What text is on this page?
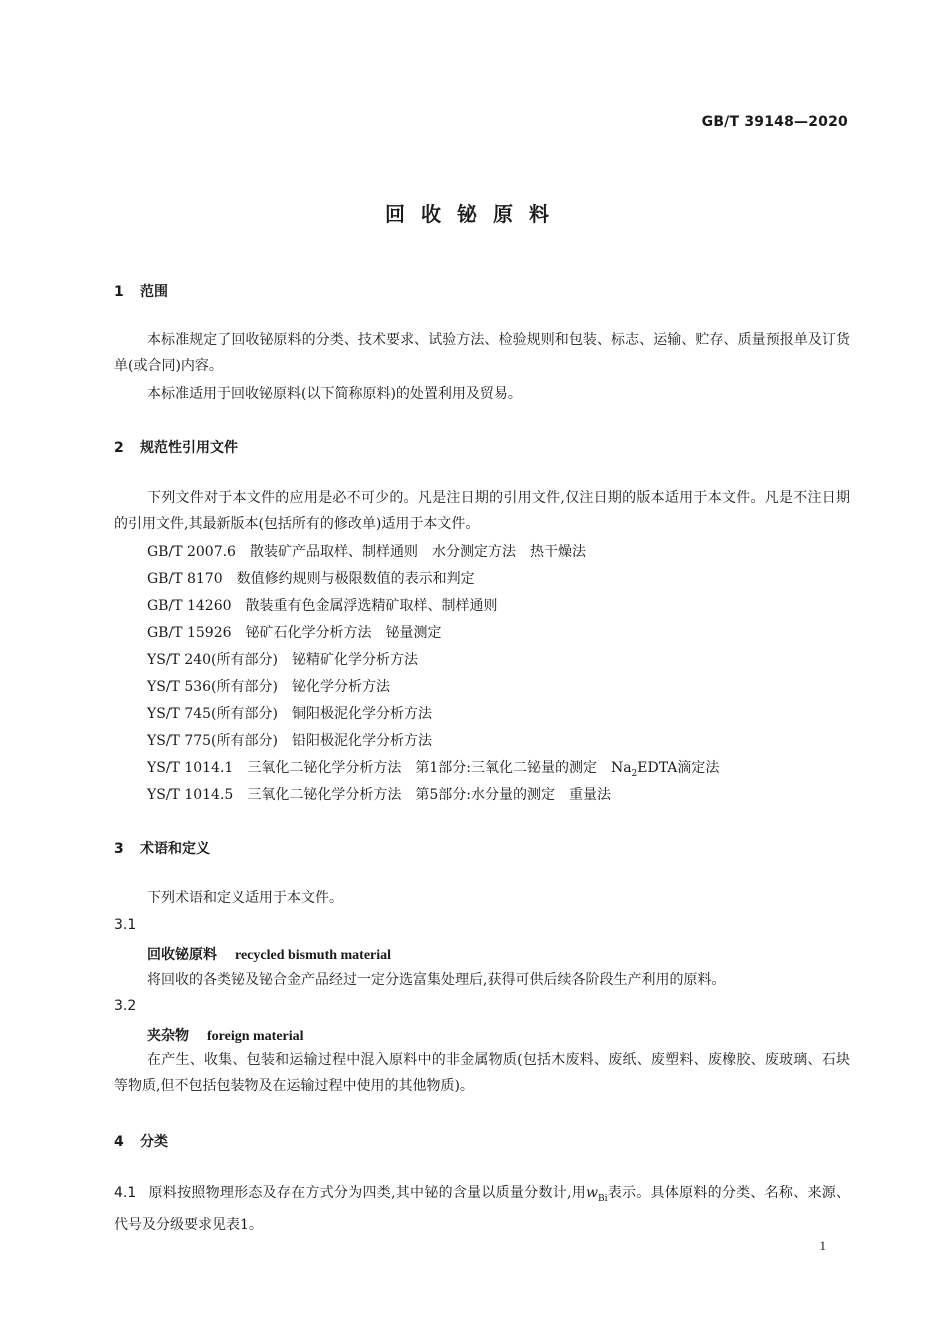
GB/T 39148—2020
回收铋原料
1 范围
本标准规定了回收铋原料的分类、技术要求、试验方法、检验规则和包装、标志、运输、贮存、质量预报单及订货单(或合同)内容。
本标准适用于回收铋原料(以下简称原料)的处置利用及贸易。
2 规范性引用文件
下列文件对于本文件的应用是必不可少的。凡是注日期的引用文件,仅注日期的版本适用于本文件。凡是不注日期的引用文件,其最新版本(包括所有的修改单)适用于本文件。
GB/T 2007.6　散装矿产品取样、制样通则　水分测定方法　热干燥法
GB/T 8170　数值修约规则与极限数值的表示和判定
GB/T 14260　散装重有色金属浮选精矿取样、制样通则
GB/T 15926　铋矿石化学分析方法　铋量测定
YS/T 240(所有部分)　铋精矿化学分析方法
YS/T 536(所有部分)　铋化学分析方法
YS/T 745(所有部分)　铜阳极泥化学分析方法
YS/T 775(所有部分)　铅阳极泥化学分析方法
YS/T 1014.1　三氧化二铋化学分析方法　第1部分:三氧化二铋量的测定　$Na_2EDTA$滴定法
YS/T 1014.5　三氧化二铋化学分析方法　第5部分:水分量的测定　重量法
3 术语和定义
下列术语和定义适用于本文件。
3.1
回收铋原料 recycled bismuth material
将回收的各类铋及铋合金产品经过一定分选富集处理后,获得可供后续各阶段生产利用的原料。
3.2
夹杂物 foreign material
在产生、收集、包装和运输过程中混入原料中的非金属物质(包括木废料、废纸、废塑料、废橡胶、废玻璃、石块等物质,但不包括包装物及在运输过程中使用的其他物质)。
4 分类
4.1 原料按照物理形态及存在方式分为四类,其中铋的含量以质量分数计,用$w_{Bi}$表示。具体原料的分类、名称、来源、代号及分级要求见表1。
1
